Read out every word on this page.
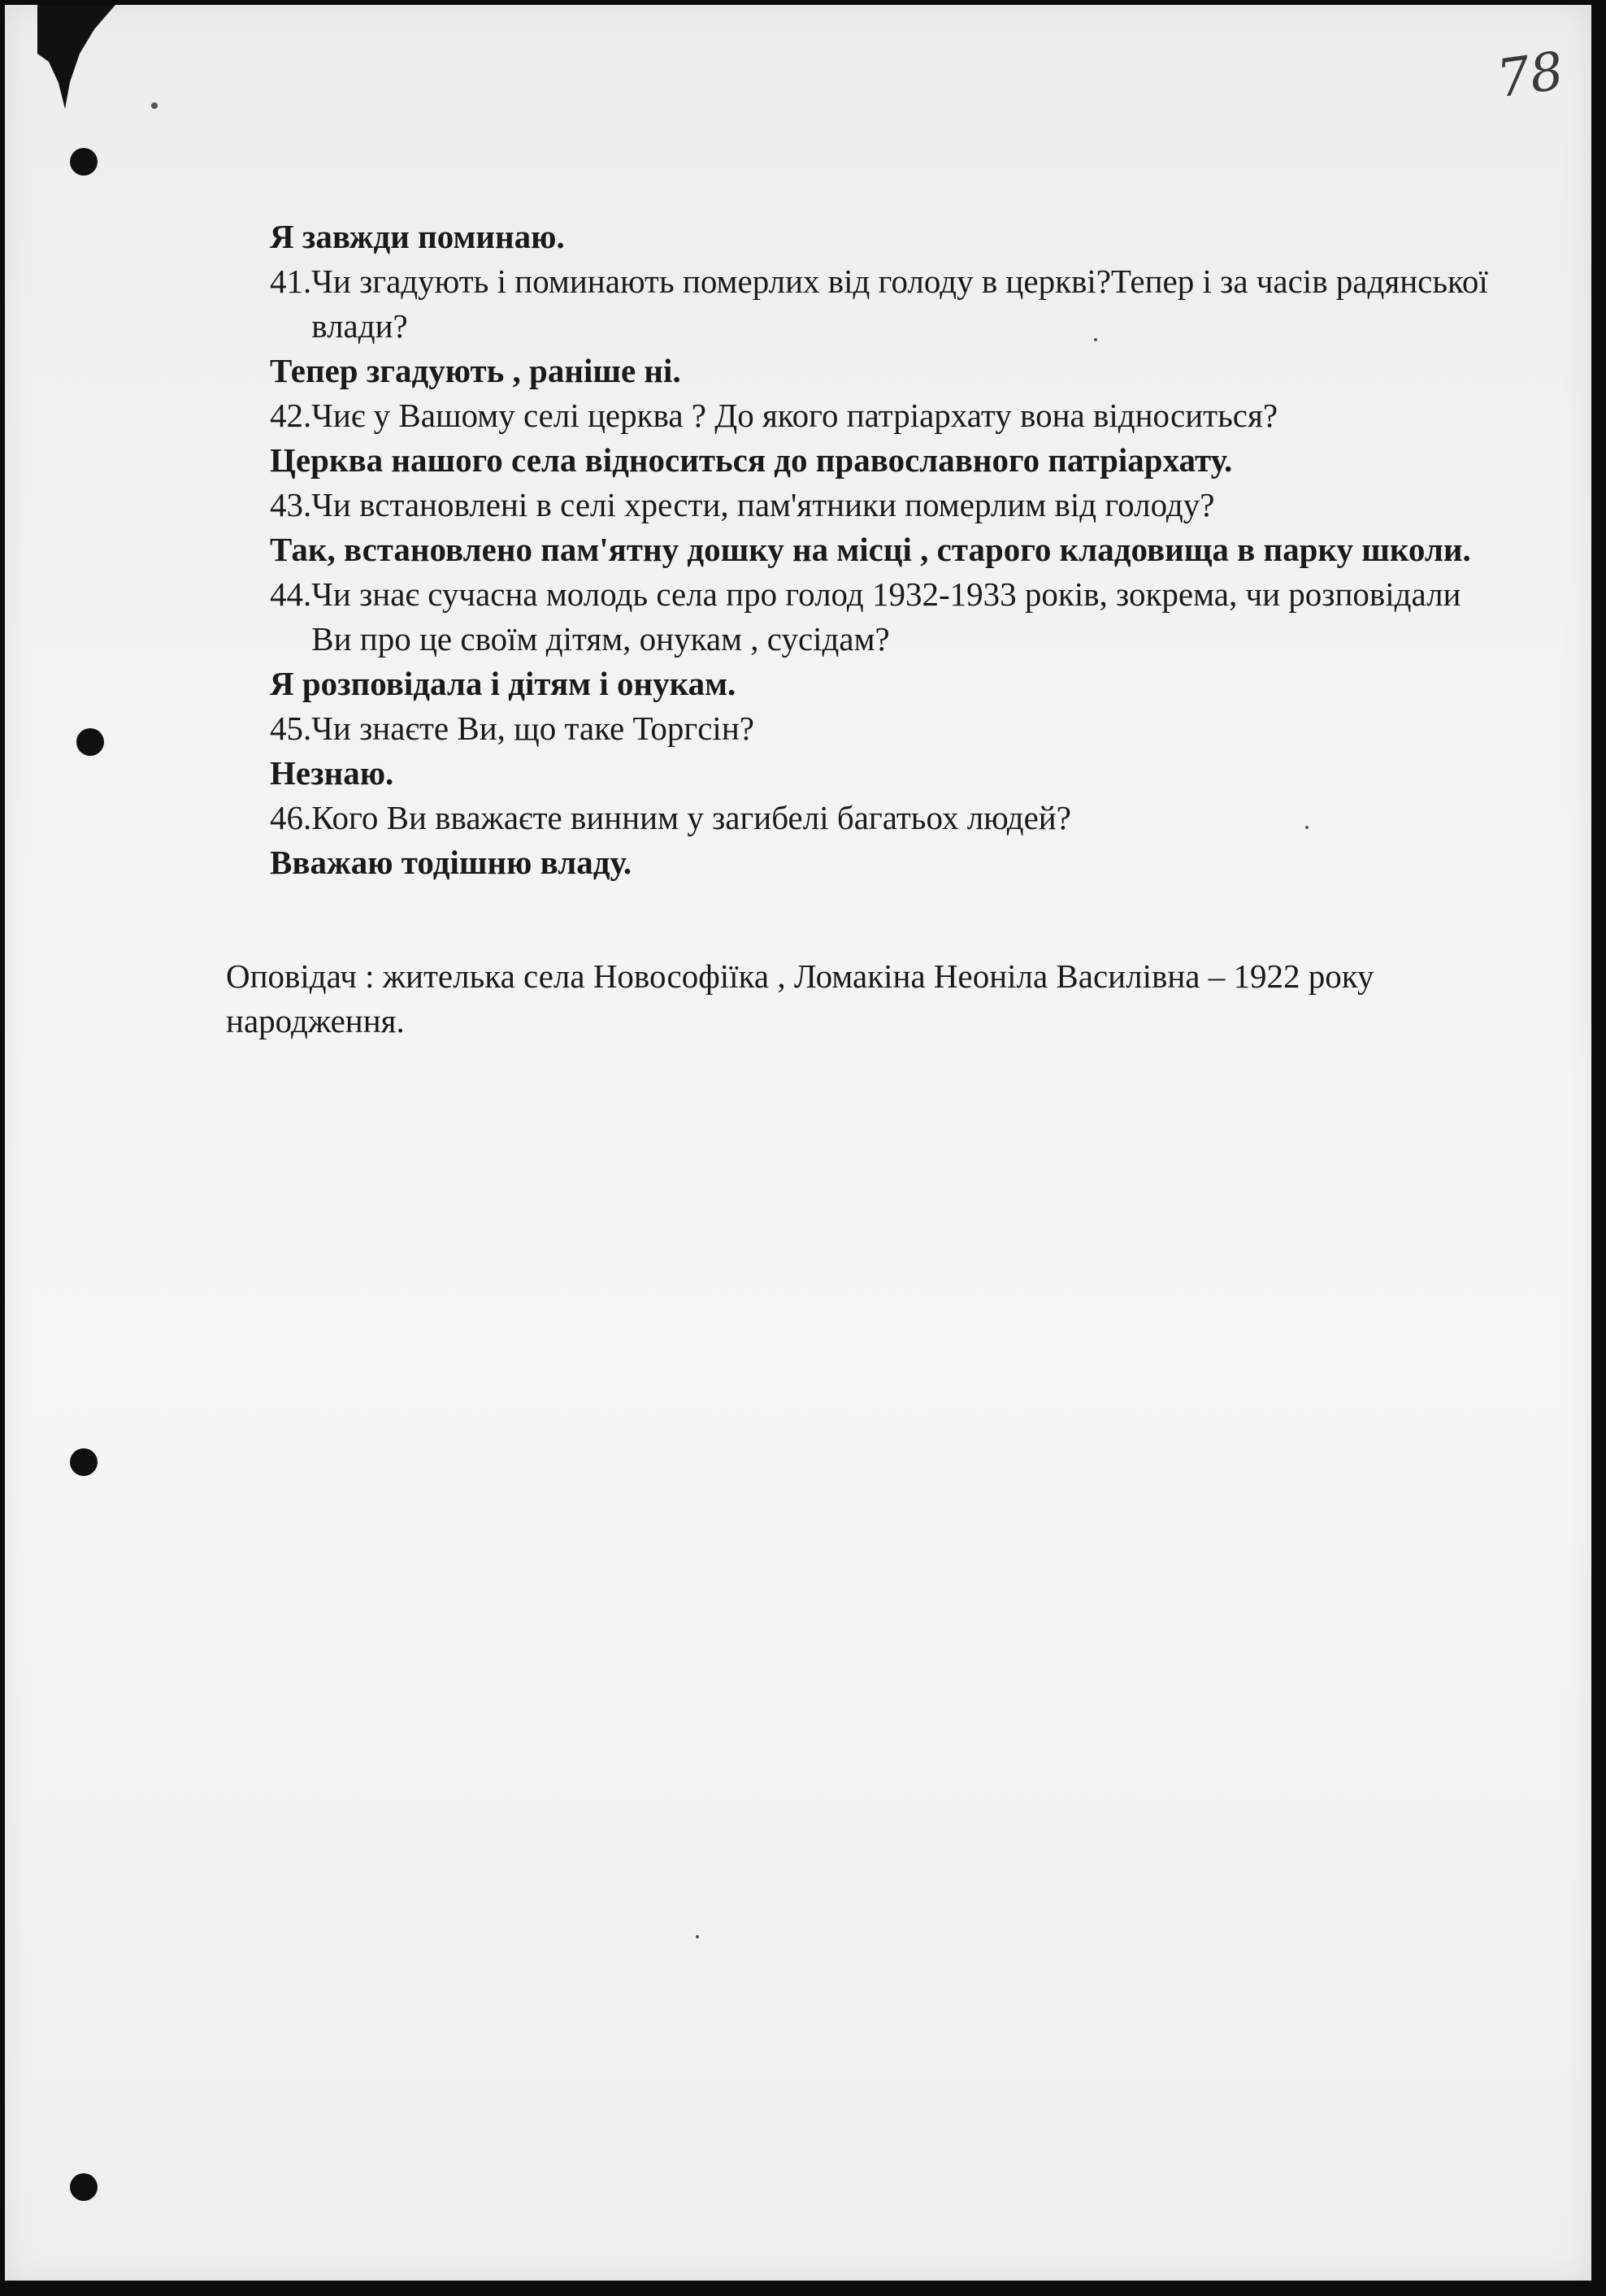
78

Я завжди поминаю.

41. Чи згадують і поминають померлих від голоду в церкві?Тепер і за часів радянської влади?

Тепер згадують , раніше ні.

42. Чиє у Вашому селі церква ? До якого патріархату вона відноситься?

Церква нашого села відноситься до православного патріархату.

43. Чи встановлені в селі хрести, пам'ятники померлим від голоду?

Так, встановлено пам'ятну дошку на місці , старого кладовища в парку школи.

44. Чи знає сучасна молодь села про голод 1932-1933 років, зокрема, чи розповідали Ви про це своїм дітям, онукам , сусідам?

Я розповідала і дітям і онукам.

45. Чи знаєте Ви, що таке Торгсін?

Незнаю.

46. Кого Ви вважаєте винним у загибелі багатьох людей?

Вважаю тодішню владу.

Оповідач : жителька села Новософіїка , Ломакіна Неоніла Василівна – 1922 року народження.
